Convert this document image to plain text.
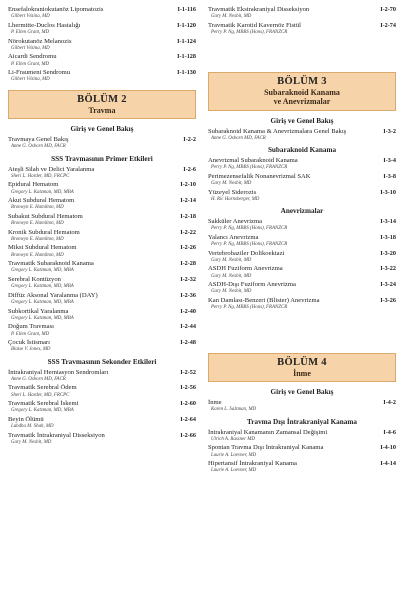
Ensefalokraniokutanöz Lipomatozis	I-1-116
Gilbert Vézina, MD
Lhermitte-Duclos Hastalığı	I-1-120
P. Ellen Grant, MD
Nörokutanöz Melanozis	I-1-124
Gilbert Vézina, MD
Aicardi Sendromu	I-1-128
P. Ellen Grant, MD
Li-Fraumeni Sendromu	I-1-130
Gilbert Vézina, MD
BÖLÜM 2
Travma
Giriş ve Genel Bakış
Travmaya Genel Bakış	I-2-2
Anne G. Osborn MD, FACR
SSS Travmasının Primer Etkileri
Ateşli Silah ve Delici Yaralanma	I-2-6
Sheri L. Harder, MD, FRCPC
Epidural Hematom	I-2-10
Gregory L. Katzman, MD, MBA
Akut Subdural Hematom	I-2-14
Bronwyn E. Hamilton, MD
Subakut Subdural Hematom	I-2-18
Bronwyn E. Hamilton, MD
Kronik Subdural Hematom	I-2-22
Bronwyn E. Hamilton, MD
Mikst Subdural Hematom	I-2-26
Bronwyn E. Hamilton, MD
Travmatik Subaraknoid Kanama	I-2-28
Gregory L. Katzman, MD, MBA
Serebral Kontüzyon	I-2-32
Gregory L. Katzman, MD, MBA
Diffüz Aksonal Yaralanma (DAY)	I-2-36
Gregory L. Katzman, MD, MBA
Subkortikal Yaralanma	I-2-40
Gregory L. Katzman, MD, MBA
Doğum Travması	I-2-44
P. Ellen Grant, MD
Çocuk İstismarı	I-2-48
Blaise V. Jones, MD
SSS Travmasının Sekonder Etkileri
İntrakraniyal Herniasyon Sendromları	I-2-52
Anne G. Osborn MD, FACR
Travmatik Serebral Ödem	I-2-56
Sheri L. Harder, MD, FRCPC
Travmatik Serebral İskemi	I-2-60
Gregory L. Katzman, MD, MBA
Beyin Ölümü	I-2-64
Lubdha M. Shah, MD
Travmatik İntrakraniyal Disseksiyon	I-2-66
Gary M. Nesbit, MD
Travmatik Ekstrakraniyal Disseksiyon	I-2-70
Gary M. Nesbit, MD
Travmatik Karotid Kavernöz Fistül	I-2-74
Perry P. Ng, MBBS (Hons), FRANZCR
BÖLÜM 3
Subaraknoid Kanama
ve Anevrizmalar
Giriş ve Genel Bakış
Subaraknoid Kanama & Anevrizmalara Genel Bakış	I-3-2
Anne G. Osborn MD, FACR
Subaraknoid Kanama
Anevrizmal Subaraknoid Kanama	I-3-4
Perry P. Ng, MBBS (Hons), FRANZCR
Perimezensefalik Nonanevrizmal SAK	I-3-8
Gary M. Nesbit, MD
Yüzeyel Siderozis	I-3-10
H. Ric Harnsberger, MD
Anevrizmalar
Sakküler Anevrizma	I-3-14
Perry P. Ng, MBBS (Hons), FRANZCR
Yalancı Anevrizma	I-3-18
Perry P. Ng, MBBS (Hons), FRANZCR
Vertebrobaziler Dolikoektazi	I-3-20
Gary M. Nesbit, MD
ASDH Fuziform Anevrizma	I-3-22
Gary M. Nesbit, MD
ASDH-Dışı Fuziform Anevrizma	I-3-24
Gary M. Nesbit, MD
Kan Damlası-Benzeri (Blister) Anevrizma	I-3-26
Perry P. Ng, MBBS (Hons), FRANZCR
BÖLÜM 4
İnme
Giriş ve Genel Bakış
İnme	I-4-2
Karen L. Salzman, MD
Travma Dışı İntrakraniyal Kanama
İntrakraniyal Kanamanın Zamansal Değişimi	I-4-6
Ulrich A. Rassner MD
Spontan Travma Dışı İntrakraniyal Kanama	I-4-10
Laurie A. Loevner, MD
Hipertansif İntrakraniyal Kanama	I-4-14
Laurie A. Loevner, MD
